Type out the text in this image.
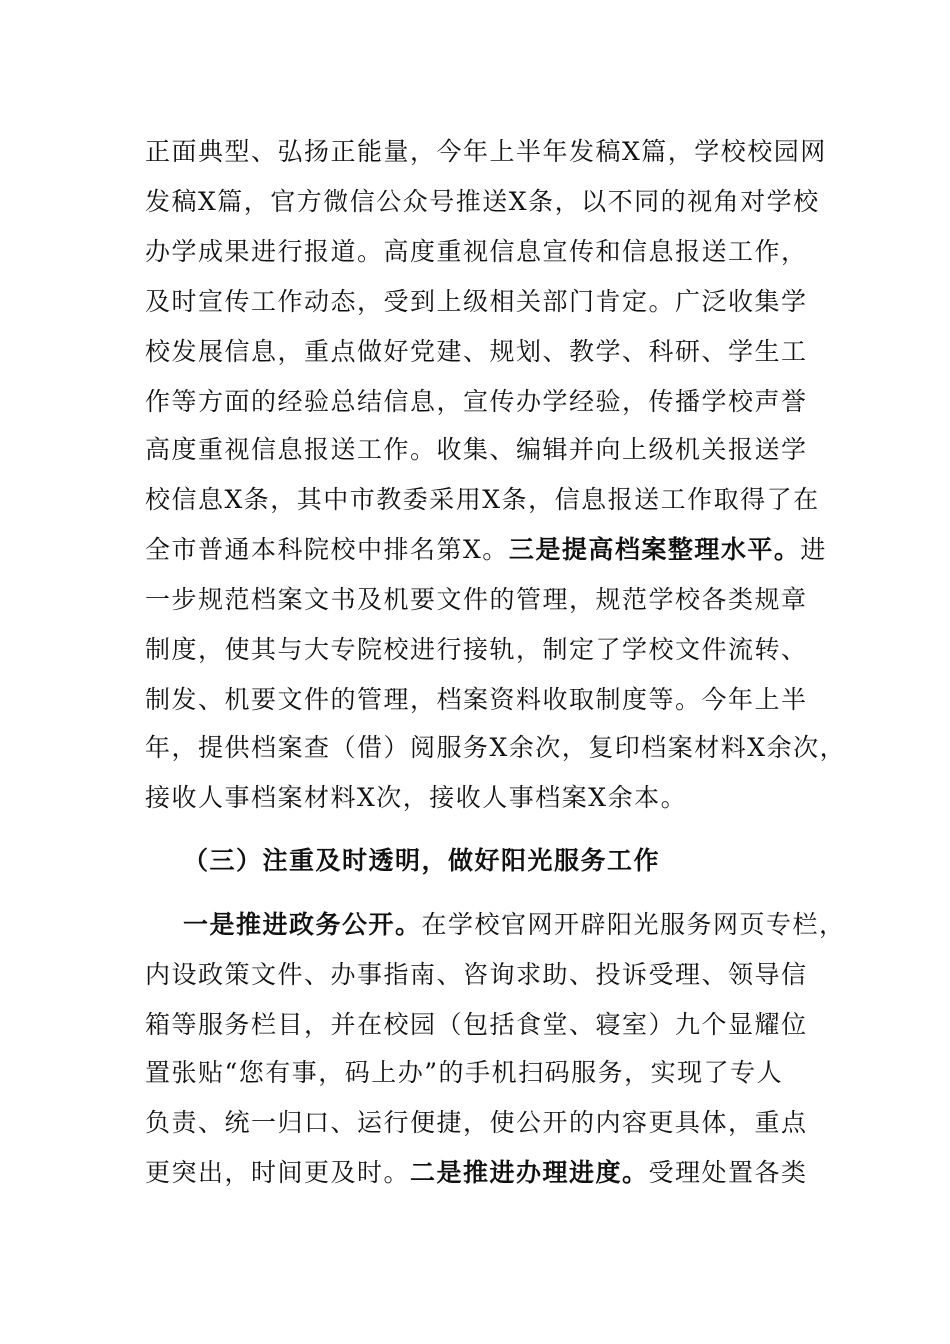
正面典型、弘扬正能量，今年上半年发稿X篇，学校校园网
发稿X篇，官方微信公众号推送X条，以不同的视角对学校
办学成果进行报道。高度重视信息宣传和信息报送工作，
及时宣传工作动态，受到上级相关部门肯定。广泛收集学
校发展信息，重点做好党建、规划、教学、科研、学生工
作等方面的经验总结信息，宣传办学经验，传播学校声誉
高度重视信息报送工作。收集、编辑并向上级机关报送学
校信息X条，其中市教委采用X条，信息报送工作取得了在
全市普通本科院校中排名第X。三是提高档案整理水平。进
一步规范档案文书及机要文件的管理，规范学校各类规章
制度，使其与大专院校进行接轨，制定了学校文件流转、
制发、机要文件的管理，档案资料收取制度等。今年上半
年，提供档案查（借）阅服务X余次，复印档案材料X余次，
接收人事档案材料X次，接收人事档案X余本。
（三）注重及时透明，做好阳光服务工作
一是推进政务公开。在学校官网开辟阳光服务网页专栏，
内设政策文件、办事指南、咨询求助、投诉受理、领导信
箱等服务栏目，并在校园（包括食堂、寝室）九个显耀位
置张贴“您有事，码上办”的手机扫码服务，实现了专人
负责、统一归口、运行便捷，使公开的内容更具体，重点
更突出，时间更及时。二是推进办理进度。受理处置各类
